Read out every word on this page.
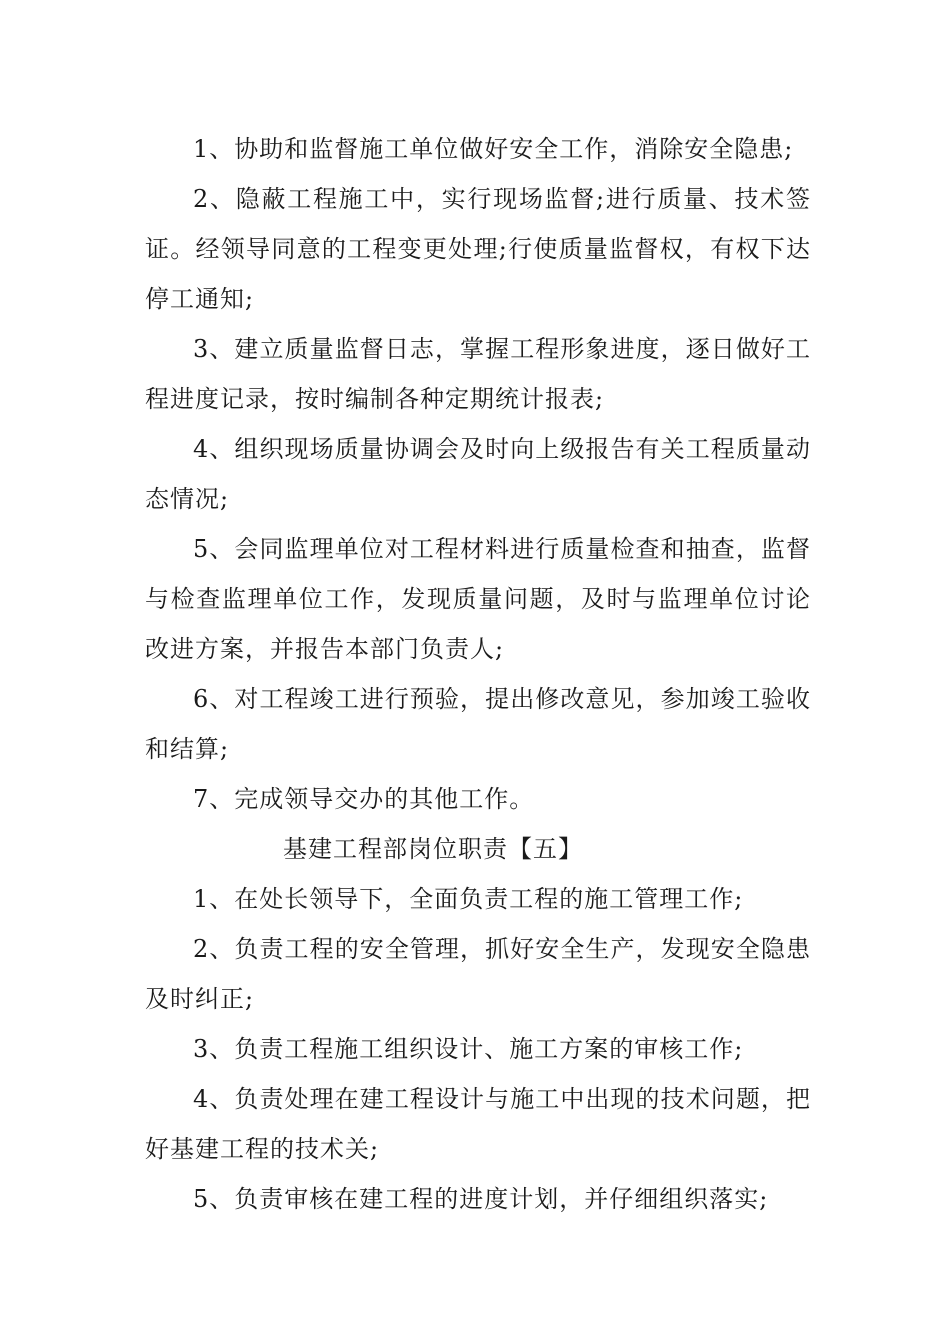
1、协助和监督施工单位做好安全工作，消除安全隐患;

2、隐蔽工程施工中，实行现场监督;进行质量、技术签证。经领导同意的工程变更处理;行使质量监督权，有权下达停工通知;

3、建立质量监督日志，掌握工程形象进度，逐日做好工程进度记录，按时编制各种定期统计报表;

4、组织现场质量协调会及时向上级报告有关工程质量动态情况;

5、会同监理单位对工程材料进行质量检查和抽查，监督与检查监理单位工作，发现质量问题，及时与监理单位讨论改进方案，并报告本部门负责人;

6、对工程竣工进行预验，提出修改意见，参加竣工验收和结算;

7、完成领导交办的其他工作。

基建工程部岗位职责【五】

1、在处长领导下，全面负责工程的施工管理工作;

2、负责工程的安全管理，抓好安全生产，发现安全隐患及时纠正;

3、负责工程施工组织设计、施工方案的审核工作;

4、负责处理在建工程设计与施工中出现的技术问题，把好基建工程的技术关;

5、负责审核在建工程的进度计划，并仔细组织落实;
